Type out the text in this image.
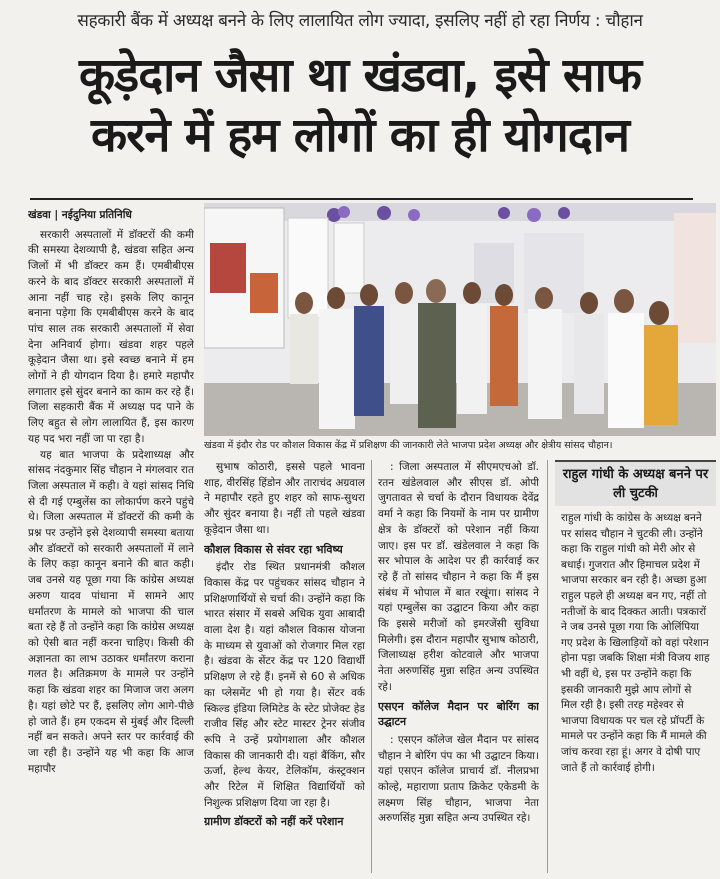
सहकारी बैंक में अध्यक्ष बनने के लिए लालायित लोग ज्यादा, इसलिए नहीं हो रहा निर्णय : चौहान
कूड़ेदान जैसा था खंडवा, इसे साफ
करने में हम लोगों का ही योगदान
खंडवा | नईदुनिया प्रतिनिधि

सरकारी अस्पतालों में डॉक्टरों की कमी की समस्या देशव्यापी है, खंडवा सहित अन्य जिलों में भी डॉक्टर कम हैं। एमबीबीएस करने के बाद डॉक्टर सरकारी अस्पतालों में आना नहीं चाह रहे। इसके लिए कानून बनाना पड़ेगा कि एमबीबीएस करने के बाद पांच साल तक सरकारी अस्पतालों में सेवा देना अनिवार्य होगा। खंडवा शहर पहले कूड़ेदान जैसा था। इसे स्वच्छ बनाने में हम लोगों ने ही योगदान दिया है। हमारे महापौर लगातार इसे सुंदर बनाने का काम कर रहे हैं। जिला सहकारी बैंक में अध्यक्ष पद पाने के लिए बहुत से लोग लालायित हैं, इस कारण यह पद भरा नहीं जा पा रहा है।

यह बात भाजपा के प्रदेशाध्यक्ष और सांसद नंदकुमार सिंह चौहान ने मंगलवार रात जिला अस्पताल में कही। वे यहां सांसद निधि से दी गई एम्बुलेंस का लोकार्पण करने पहुंचे थे। जिला अस्पताल में डॉक्टरों की कमी के प्रश्न पर उन्होंने इसे देशव्यापी समस्या बताया और डॉक्टरों को सरकारी अस्पतालों में लाने के लिए कड़ा कानून बनाने की बात कही। जब उनसे यह पूछा गया कि कांग्रेस अध्यक्ष अरुण यादव पांधाना में सामने आए धर्मांतरण के मामले को भाजपा की चाल बता रहे हैं तो उन्होंने कहा कि कांग्रेस अध्यक्ष को ऐसी बात नहीं करना चाहिए। किसी की अज्ञानता का लाभ उठाकर धर्मांतरण कराना गलत है। अतिक्रमण के मामले पर उन्होंने कहा कि खंडवा शहर का मिजाज जरा अलग है। यहां छोटे पर हैं, इसलिए लोग आगे-पीछे हो जाते हैं। हम एकदम से मुंबई और दिल्ली नहीं बन सकते। अपने स्तर पर कार्रवाई की जा रही है। उन्होंने यह भी कहा कि आज महापौर

खंडवा में इंदौर रोड पर कौशल विकास केंद्र में प्रशिक्षण की जानकारी लेते भाजपा प्रदेश अध्यक्ष और क्षेत्रीय सांसद चौहान।

सुभाष कोठारी, इससे पहले भावना शाह, वीरसिंह हिंडोन और ताराचंद अग्रवाल ने महापौर रहते हुए शहर को साफ-सुथरा और सुंदर बनाया है। नहीं तो पहले खंडवा कूड़ेदान जैसा था।

कौशल विकास से संवर रहा भविष्य

इंदौर रोड स्थित प्रधानमंत्री कौशल विकास केंद्र पर पहुंचकर सांसद चौहान ने प्रशिक्षणार्थियों से चर्चा की। उन्होंने कहा कि भारत संसार में सबसे अधिक युवा आबादी वाला देश है। यहां कौशल विकास योजना के माध्यम से युवाओं को रोजगार मिल रहा है। खंडवा के सेंटर केंद्र पर 120 विद्यार्थी प्रशिक्षण ले रहे हैं। इनमें से 60 से अधिक का प्लेसमेंट भी हो गया है। सेंटर वर्क स्किल्ड इंडिया लिमिटेड के स्टेट प्रोजेक्ट हेड राजीव सिंह और स्टेट मास्टर ट्रेनर संजीव रूपि ने उन्हें प्रयोगशाला और कौशल विकास की जानकारी दी। यहां बैंकिंग, सौर ऊर्जा, हेल्थ केयर, टेलिकॉम, कंस्ट्रक्शन और रिटेल में शिक्षित विद्यार्थियों को निशुल्क प्रशिक्षण दिया जा रहा है।

ग्रामीण डॉक्टरों को नहीं करें परेशान

: जिला अस्पताल में सीएमएचओ डॉ. रतन खंडेलवाल और सीएस डॉ. ओपी जुगतावत से चर्चा के दौरान विधायक देवेंद्र वर्मा ने कहा कि नियमों के नाम पर ग्रामीण क्षेत्र के डॉक्टरों को परेशान नहीं किया जाए। इस पर डॉ. खंडेलवाल ने कहा कि सर भोपाल के आदेश पर ही कार्रवाई कर रहे हैं तो सांसद चौहान ने कहा कि मैं इस संबंध में भोपाल में बात रखूंगा। सांसद ने यहां एम्बुलेंस का उद्घाटन किया और कहा कि इससे मरीजों को इमरजेंसी सुविधा मिलेगी। इस दौरान महापौर सुभाष कोठारी, जिलाध्यक्ष हरीश कोटवाले और भाजपा नेता अरुणसिंह मुन्ना सहित अन्य उपस्थित रहे।

एसएन कॉलेज मैदान पर बोरिंग का उद्घाटन

: एसएन कॉलेज खेल मैदान पर सांसद चौहान ने बोरिंग पंप का भी उद्घाटन किया। यहां एसएन कॉलेज प्राचार्य डॉ. नीलप्रभा कोल्हे, महाराणा प्रताप क्रिकेट एकेडमी के लक्ष्मण सिंह चौहान, भाजपा नेता अरुणसिंह मुन्ना सहित अन्य उपस्थित रहे।

राहुल गांधी के अध्यक्ष बनने पर ली चुटकी
राहुल गांधी के कांग्रेस के अध्यक्ष बनने पर सांसद चौहान ने चुटकी ली। उन्होंने कहा कि राहुल गांधी को मेरी ओर से बधाई। गुजरात और हिमाचल प्रदेश में भाजपा सरकार बन रही है। अच्छा हुआ राहुल पहले ही अध्यक्ष बन गए, नहीं तो नतीजों के बाद दिक्कत आती। पत्रकारों ने जब उनसे पूछा गया कि ओलिंपिया गए प्रदेश के खिलाड़ियों को वहां परेशान होना पड़ा जबकि शिक्षा मंत्री विजय शाह भी वहीं थे, इस पर उन्होंने कहा कि इसकी जानकारी मुझे आप लोगों से मिल रही है। इसी तरह महेश्वर से भाजपा विधायक पर चल रहे प्रॉपर्टी के मामले पर उन्होंने कहा कि मैं मामले की जांच करवा रहा हूं। अगर वे दोषी पाए जाते हैं तो कार्रवाई होगी।
